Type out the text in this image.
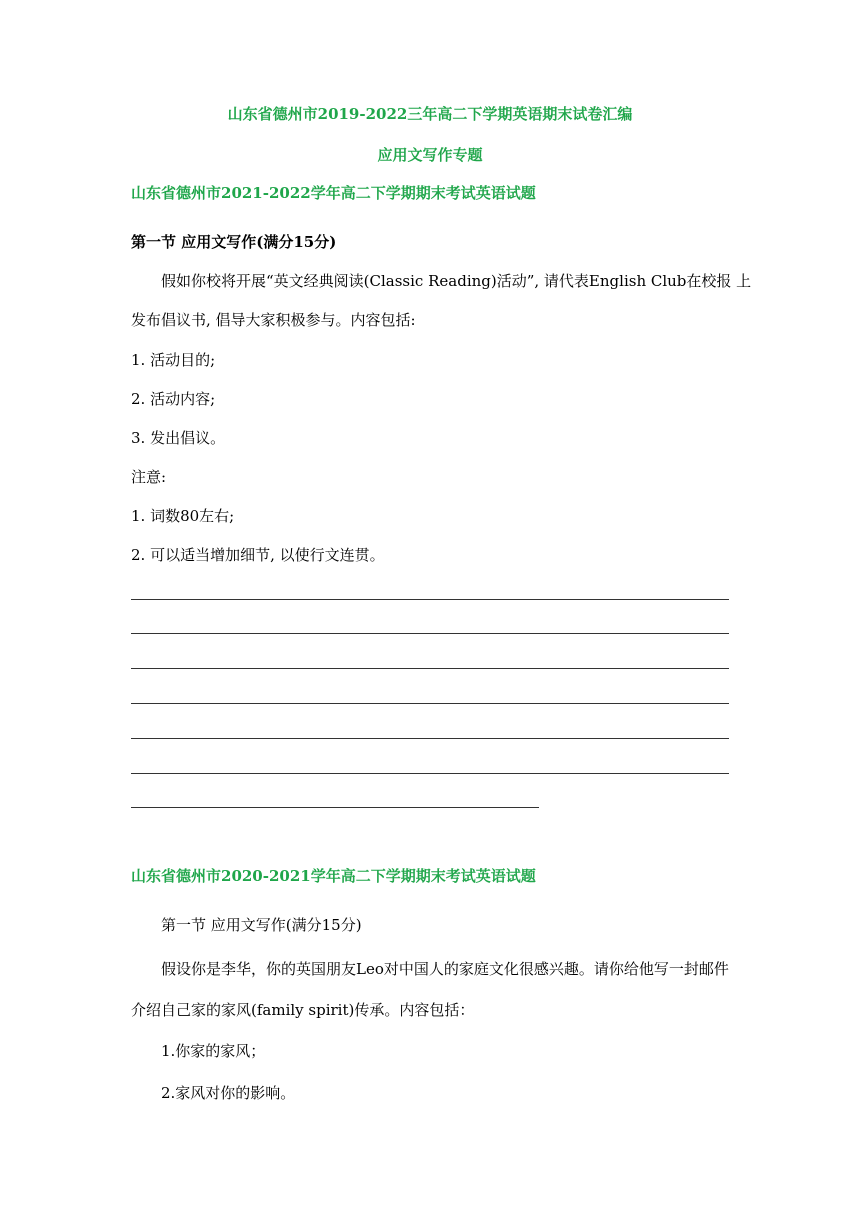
山东省德州市2019-2022三年高二下学期英语期末试卷汇编
应用文写作专题
山东省德州市2021-2022学年高二下学期期末考试英语试题
第一节 应用文写作(满分15分)
假如你校将开展“英文经典阅读(Classic Reading)活动”, 请代表English Club在校报 上
发布倡议书, 倡导大家积极参与。内容包括:
1. 活动目的;
2. 活动内容;
3. 发出倡议。
注意:
1. 词数80左右;
2. 可以适当增加细节, 以使行文连贯。
山东省德州市2020-2021学年高二下学期期末考试英语试题
第一节 应用文写作(满分15分)
假设你是李华，你的英国朋友Leo对中国人的家庭文化很感兴趣。请你给他写一封邮件
介绍自己家的家风(family spirit)传承。内容包括：
1.你家的家风；
2.家风对你的影响。
